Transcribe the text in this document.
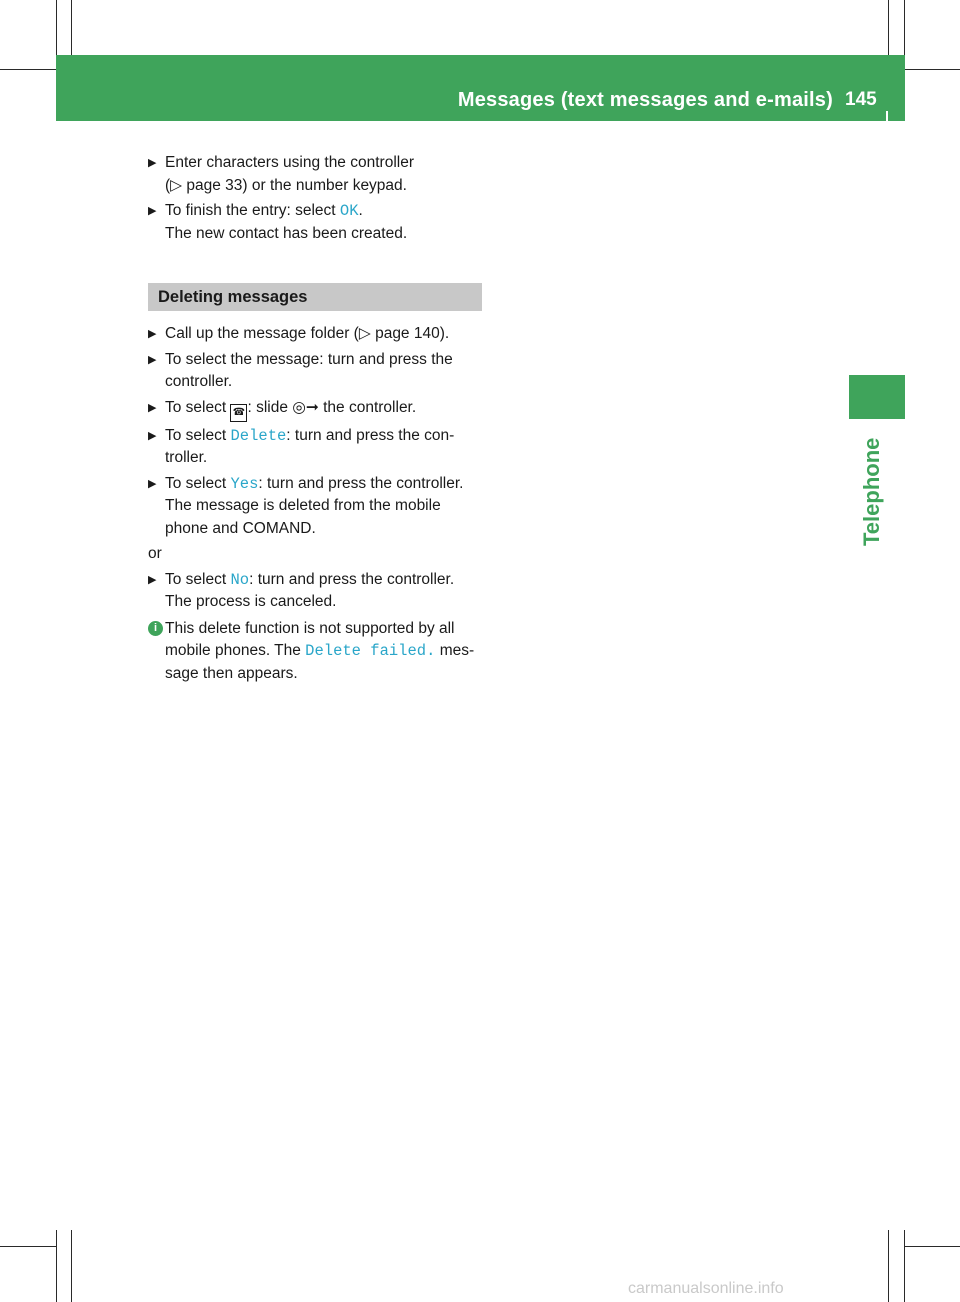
Messages (text messages and e-mails) 145
Telephone
▶ Enter characters using the controller
(▷ page 33) or the number keypad.
▶ To finish the entry: select OK.
The new contact has been created.
Deleting messages
▶ Call up the message folder (▷ page 140).
▶ To select the message: turn and press the
controller.
▶ To select ☎ : slide ◎➞ the controller.
▶ To select Delete: turn and press the con-
troller.
▶ To select Yes: turn and press the controller.
The message is deleted from the mobile
phone and COMAND.
or
▶ To select No: turn and press the controller.
The process is canceled.
i This delete function is not supported by all
mobile phones. The Delete failed. mes-
sage then appears.
carmanualsonline.info
